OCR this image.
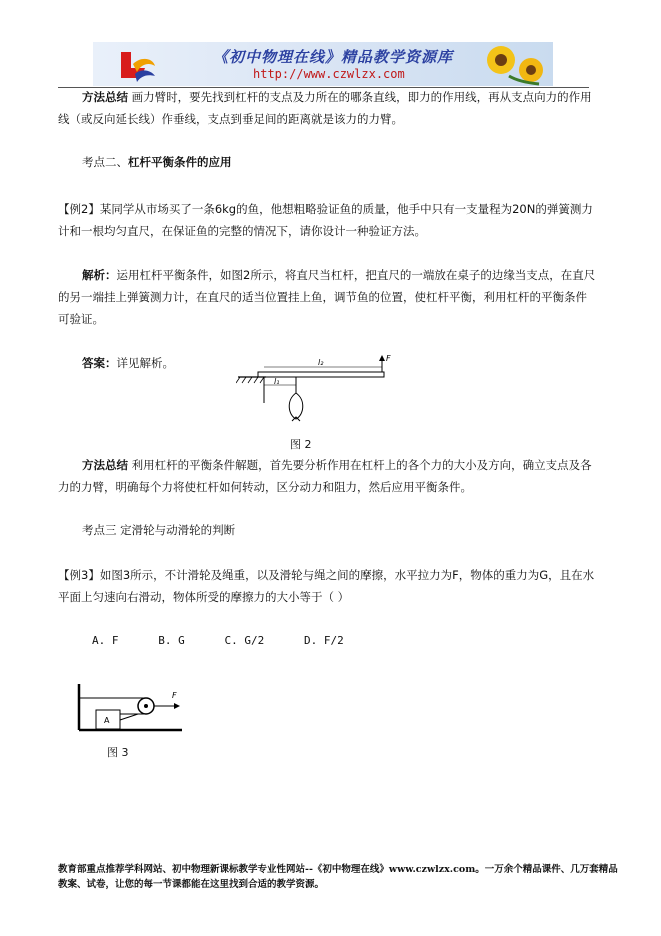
《初中物理在线》精品教学资源库
http://www.czwlzx.com
方法总结 画力臂时，要先找到杠杆的支点及力所在的哪条直线，即力的作用线，再从支点向力的作用线（或反向延长线）作垂线，支点到垂足间的距离就是该力的力臂。
考点二、杠杆平衡条件的应用
【例2】某同学从市场买了一条6kg的鱼，他想粗略验证鱼的质量，他手中只有一支量程为20N的弹簧测力计和一根均匀直尺，在保证鱼的完整的情况下，请你设计一种验证方法。
解析：运用杠杆平衡条件，如图2所示，将直尺当杠杆，把直尺的一端放在桌子的边缘当支点，在直尺的另一端挂上弹簧测力计，在直尺的适当位置挂上鱼，调节鱼的位置，使杠杆平衡，利用杠杆的平衡条件可验证。
答案：详见解析。	l₂
l₁
F
图 2
方法总结 利用杠杆的平衡条件解题，首先要分析作用在杠杆上的各个力的大小及方向，确立支点及各力的力臂，明确每个力将使杠杆如何转动，区分动力和阻力，然后应用平衡条件。
考点三 定滑轮与动滑轮的判断
【例3】如图3所示，不计滑轮及绳重，以及滑轮与绳之间的摩擦，水平拉力为F，物体的重力为G，且在水平面上匀速向右滑动，物体所受的摩擦力的大小等于（ ）
A. F	B. G	C. G/2	D. F/2
A
F
图 3
教育部重点推荐学科网站、初中物理新课标教学专业性网站--《初中物理在线》www.czwlzx.com。一万余个精品课件、几万套精品教案、试卷，让您的每一节课都能在这里找到合适的教学资源。
